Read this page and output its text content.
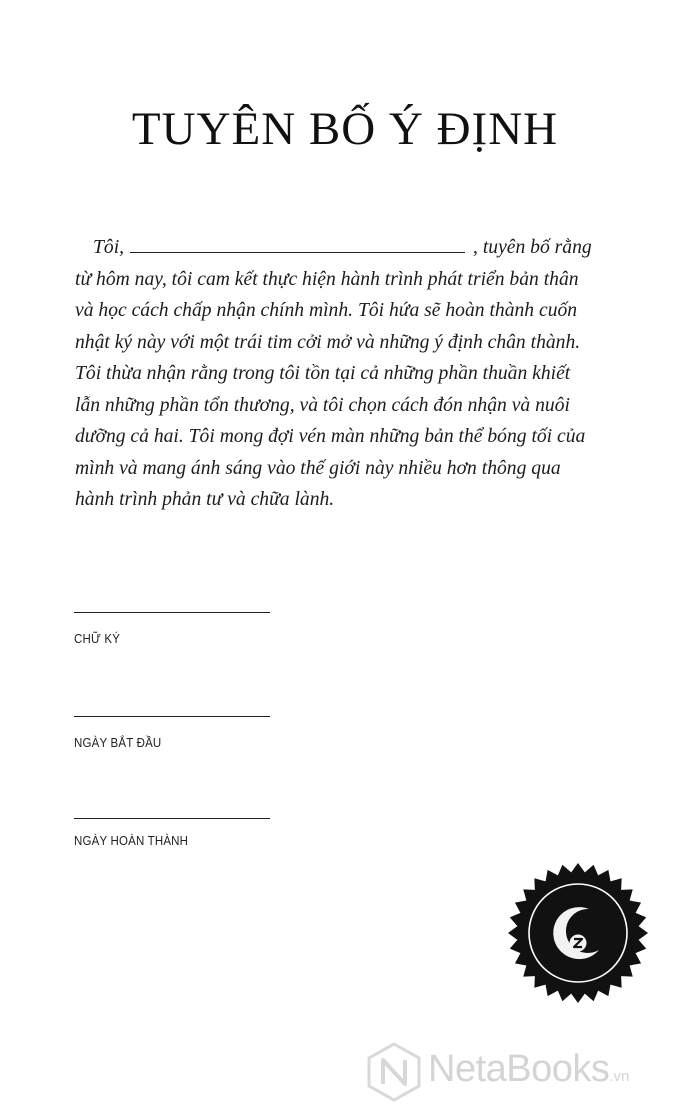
TUYÊN BỐ Ý ĐỊNH
Tôi,	, tuyên bố rằng
từ hôm nay, tôi cam kết thực hiện hành trình phát triển bản thân
và học cách chấp nhận chính mình. Tôi hứa sẽ hoàn thành cuốn
nhật ký này với một trái tim cởi mở và những ý định chân thành.
Tôi thừa nhận rằng trong tôi tồn tại cả những phần thuần khiết
lẫn những phần tổn thương, và tôi chọn cách đón nhận và nuôi
dưỡng cả hai. Tôi mong đợi vén màn những bản thể bóng tối của
mình và mang ánh sáng vào thế giới này nhiều hơn thông qua
hành trình phản tư và chữa lành.
CHỮ KÝ
NGÀY BẮT ĐẦU
NGÀY HOÀN THÀNH
NetaBooks.vn
